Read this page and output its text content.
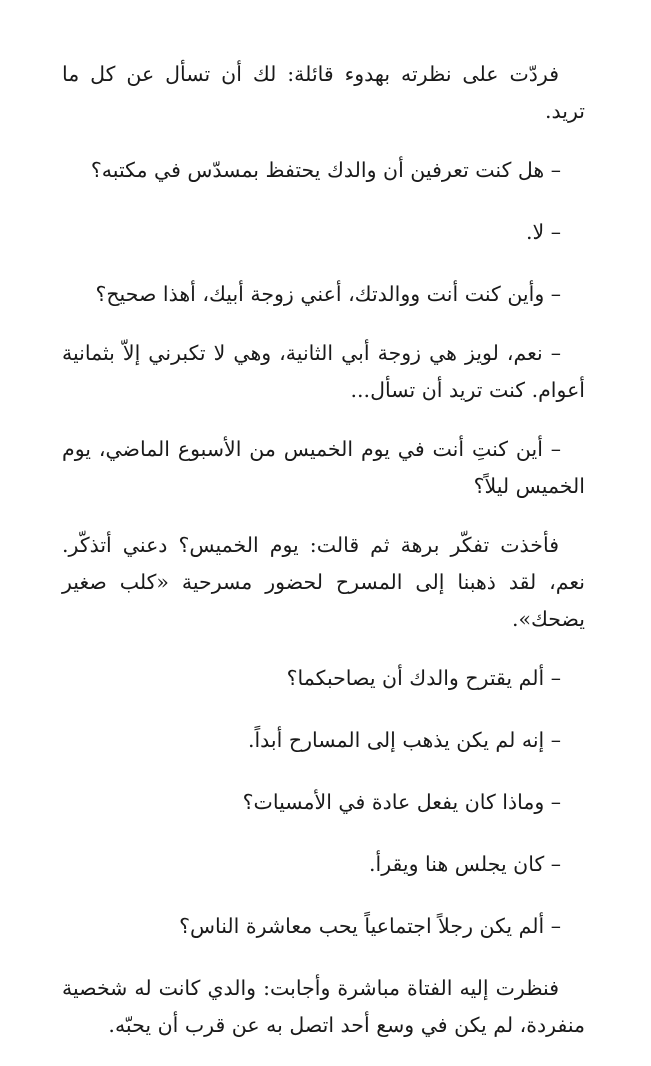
فردّت على نظرته بهدوء قائلة: لك أن تسأل عن كل ما تريد.

– هل كنت تعرفين أن والدك يحتفظ بمسدّس في مكتبه؟

– لا.

– وأين كنت أنت ووالدتك، أعني زوجة أبيك، أهذا صحيح؟

– نعم، لويز هي زوجة أبي الثانية، وهي لا تكبرني إلاّ بثمانية أعوام. كنت تريد أن تسأل...

– أين كنتِ أنت في يوم الخميس من الأسبوع الماضي، يوم الخميس ليلاً؟

فأخذت تفكّر برهة ثم قالت: يوم الخميس؟ دعني أتذكّر. نعم، لقد ذهبنا إلى المسرح لحضور مسرحية «كلب صغير يضحك».

– ألم يقترح والدك أن يصاحبكما؟

– إنه لم يكن يذهب إلى المسارح أبداً.

– وماذا كان يفعل عادة في الأمسيات؟

– كان يجلس هنا ويقرأ.

– ألم يكن رجلاً اجتماعياً يحب معاشرة الناس؟

فنظرت إليه الفتاة مباشرة وأجابت: والدي كانت له شخصية منفردة، لم يكن في وسع أحد اتصل به عن قرب أن يحبّه.
